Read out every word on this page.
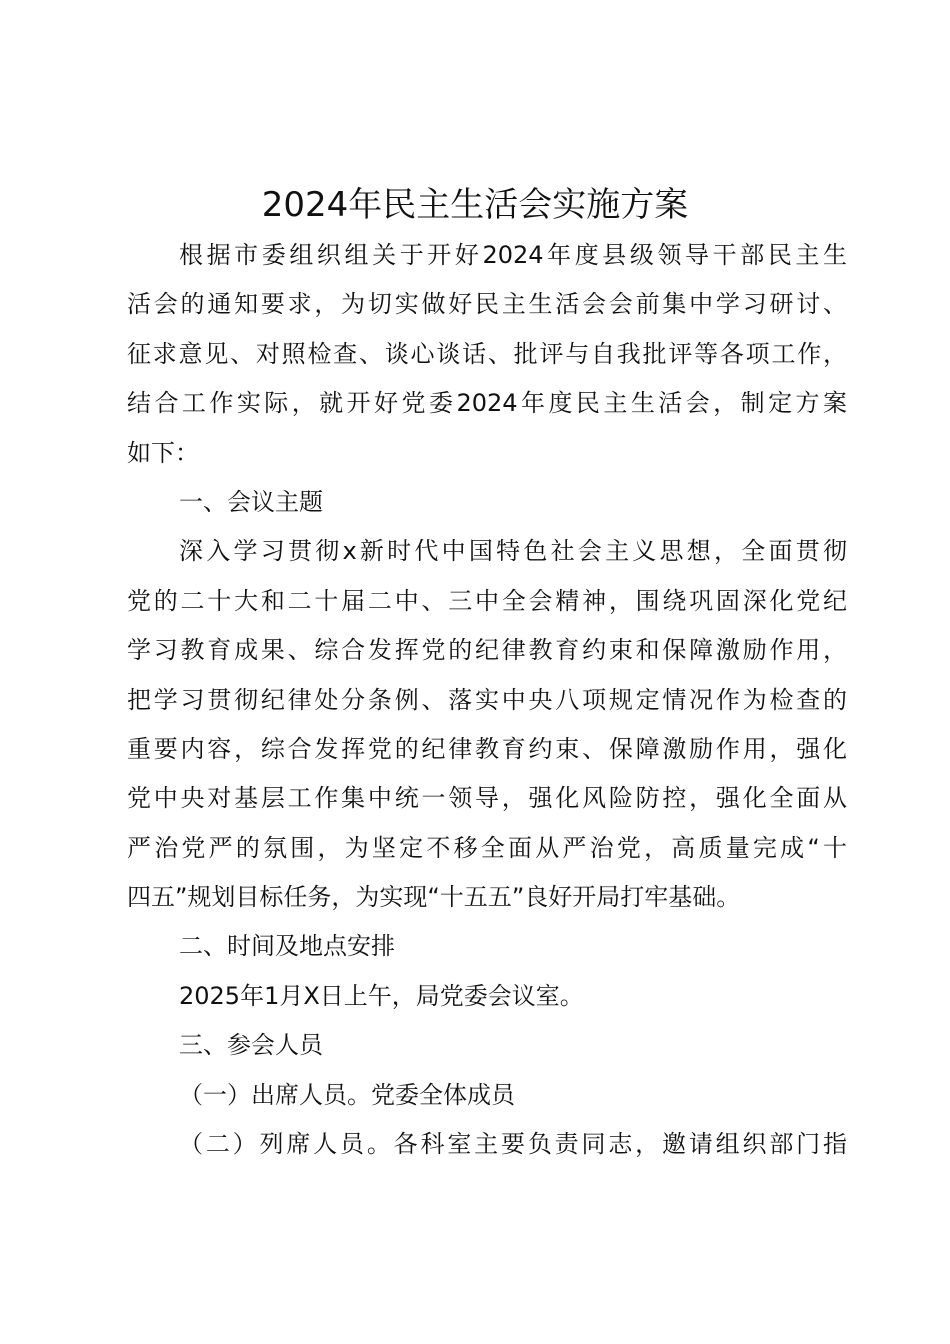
2024年民主生活会实施方案
根据市委组织组关于开好2024年度县级领导干部民主生
活会的通知要求，为切实做好民主生活会会前集中学习研讨、
征求意见、对照检查、谈心谈话、批评与自我批评等各项工作，
结合工作实际，就开好党委2024年度民主生活会，制定方案
如下：
一、会议主题
深入学习贯彻x新时代中国特色社会主义思想，全面贯彻
党的二十大和二十届二中、三中全会精神，围绕巩固深化党纪
学习教育成果、综合发挥党的纪律教育约束和保障激励作用，
把学习贯彻纪律处分条例、落实中央八项规定情况作为检查的
重要内容，综合发挥党的纪律教育约束、保障激励作用，强化
党中央对基层工作集中统一领导，强化风险防控，强化全面从
严治党严的氛围，为坚定不移全面从严治党，高质量完成“十
四五”规划目标任务，为实现“十五五”良好开局打牢基础。
二、时间及地点安排
2025年1月X日上午，局党委会议室。
三、参会人员
（一）出席人员。党委全体成员
（二）列席人员。各科室主要负责同志，邀请组织部门指
